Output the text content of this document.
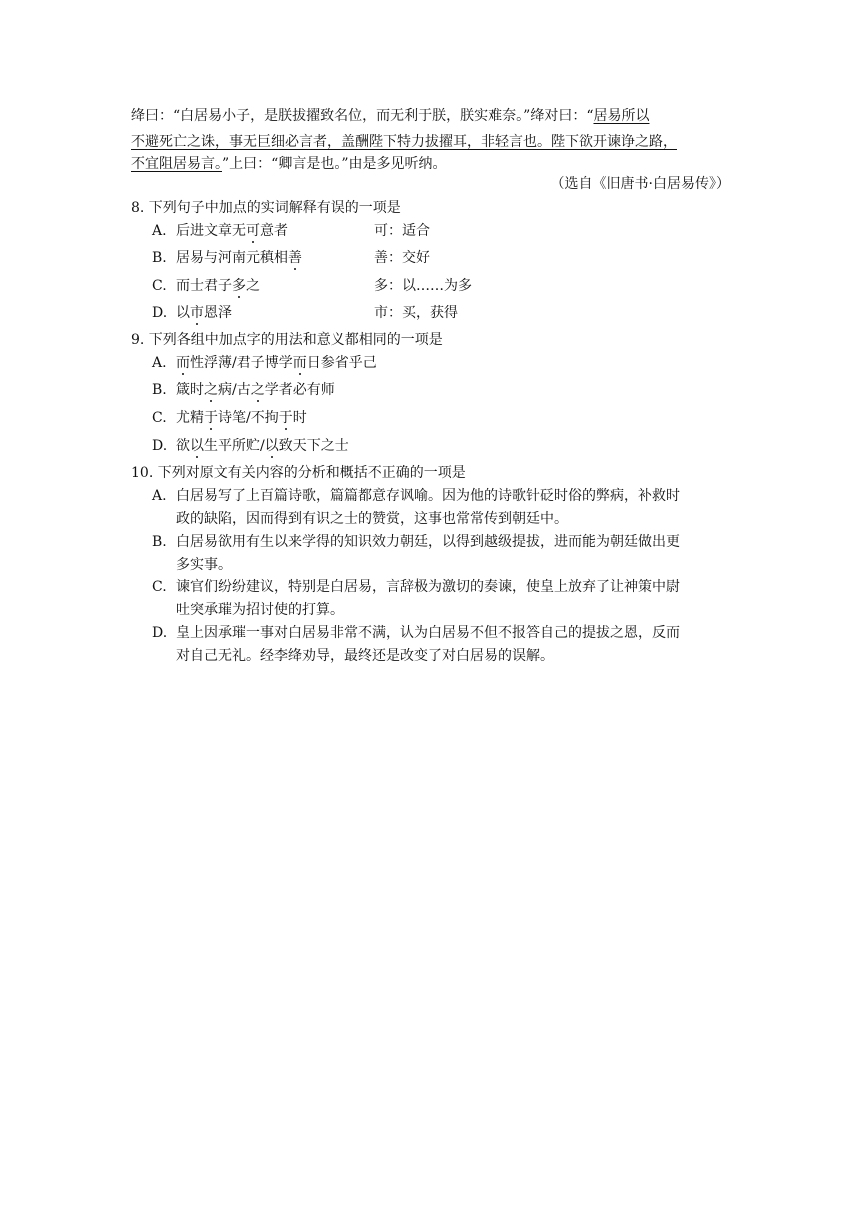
绛曰：“白居易小子，是朕拔擢致名位，而无利于朕，朕实难奈。”绛对曰：“居易所以
不避死亡之诛，事无巨细必言者，盖酬陛下特力拔擢耳，非轻言也。陛下欲开谏诤之路，
不宜阻居易言。”上曰：“卿言是也。”由是多见听纳。
（选自《旧唐书·白居易传》）
8. 下列句子中加点的实词解释有误的一项是
A. 后进文章无可意者	可：适合
B. 居易与河南元稹相善	善：交好
C. 而士君子多之	多：以……为多
D. 以市恩泽	市：买，获得
9. 下列各组中加点字的用法和意义都相同的一项是
A. 而性浮薄/君子博学而日参省乎己
B. 箴时之病/古之学者必有师
C. 尤精于诗笔/不拘于时
D. 欲以生平所贮/以致天下之士
10. 下列对原文有关内容的分析和概括不正确的一项是
A. 白居易写了上百篇诗歌，篇篇都意存讽喻。因为他的诗歌针砭时俗的弊病，补救时
政的缺陷，因而得到有识之士的赞赏，这事也常常传到朝廷中。
B. 白居易欲用有生以来学得的知识效力朝廷，以得到越级提拔，进而能为朝廷做出更
多实事。
C. 谏官们纷纷建议，特别是白居易，言辞极为激切的奏谏，使皇上放弃了让神策中尉
吐突承璀为招讨使的打算。
D. 皇上因承璀一事对白居易非常不满，认为白居易不但不报答自己的提拔之恩，反而
对自己无礼。经李绛劝导，最终还是改变了对白居易的误解。
